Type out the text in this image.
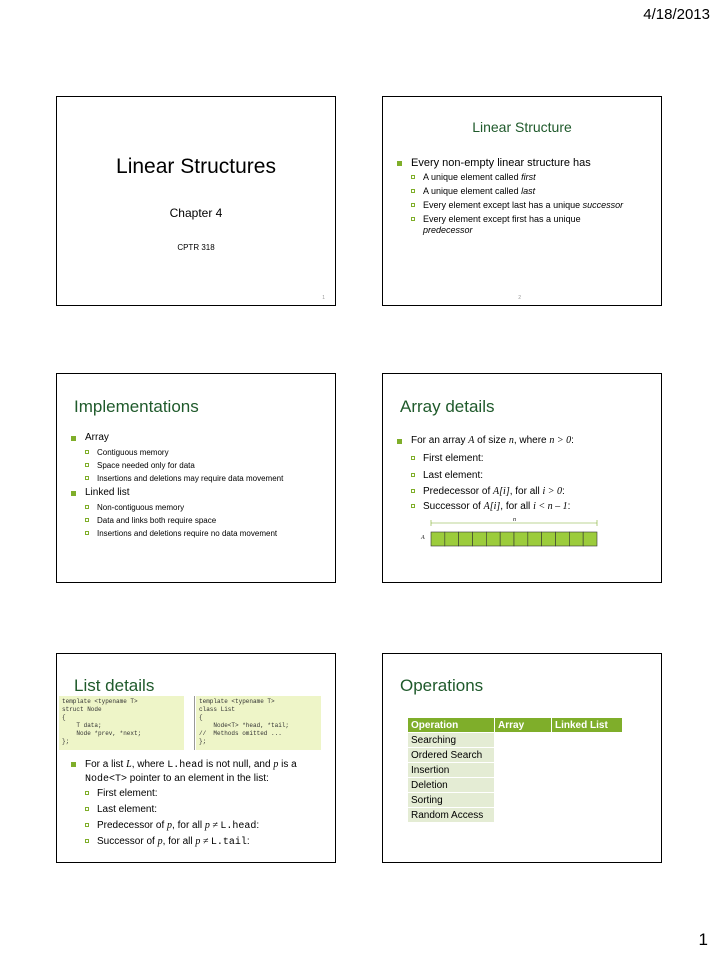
4/18/2013
Linear Structures
Chapter 4
CPTR 318
1
Linear Structure
Every non-empty linear structure has
A unique element called first
A unique element called last
Every element except last has a unique successor
Every element except first has a unique
predecessor
2
Implementations
Array
Contiguous memory
Space needed only for data
Insertions and deletions may require data movement
Linked list
Non-contiguous memory
Data and links both require space
Insertions and deletions require no data movement
Array details
For an array A of size n, where n > 0:
First element:
Last element:
Predecessor of A[i], for all i > 0:
Successor of A[i], for all i < n – 1:
n
A
List details
template <typename T>
struct Node
{
T data;
Node *prev, *next;
};
template <typename T>
class List
{
Node<T> *head, *tail;
//  Methods omitted ...
};
For a list L, where L.head is not null, and p is a
Node<T> pointer to an element in the list:
First element:
Last element:
Predecessor of p, for all p ≠ L.head:
Successor of p, for all p ≠ L.tail:
Operations
Operation	Array	Linked List
Searching		
Ordered Search		
Insertion		
Deletion		
Sorting		
Random Access		
1
